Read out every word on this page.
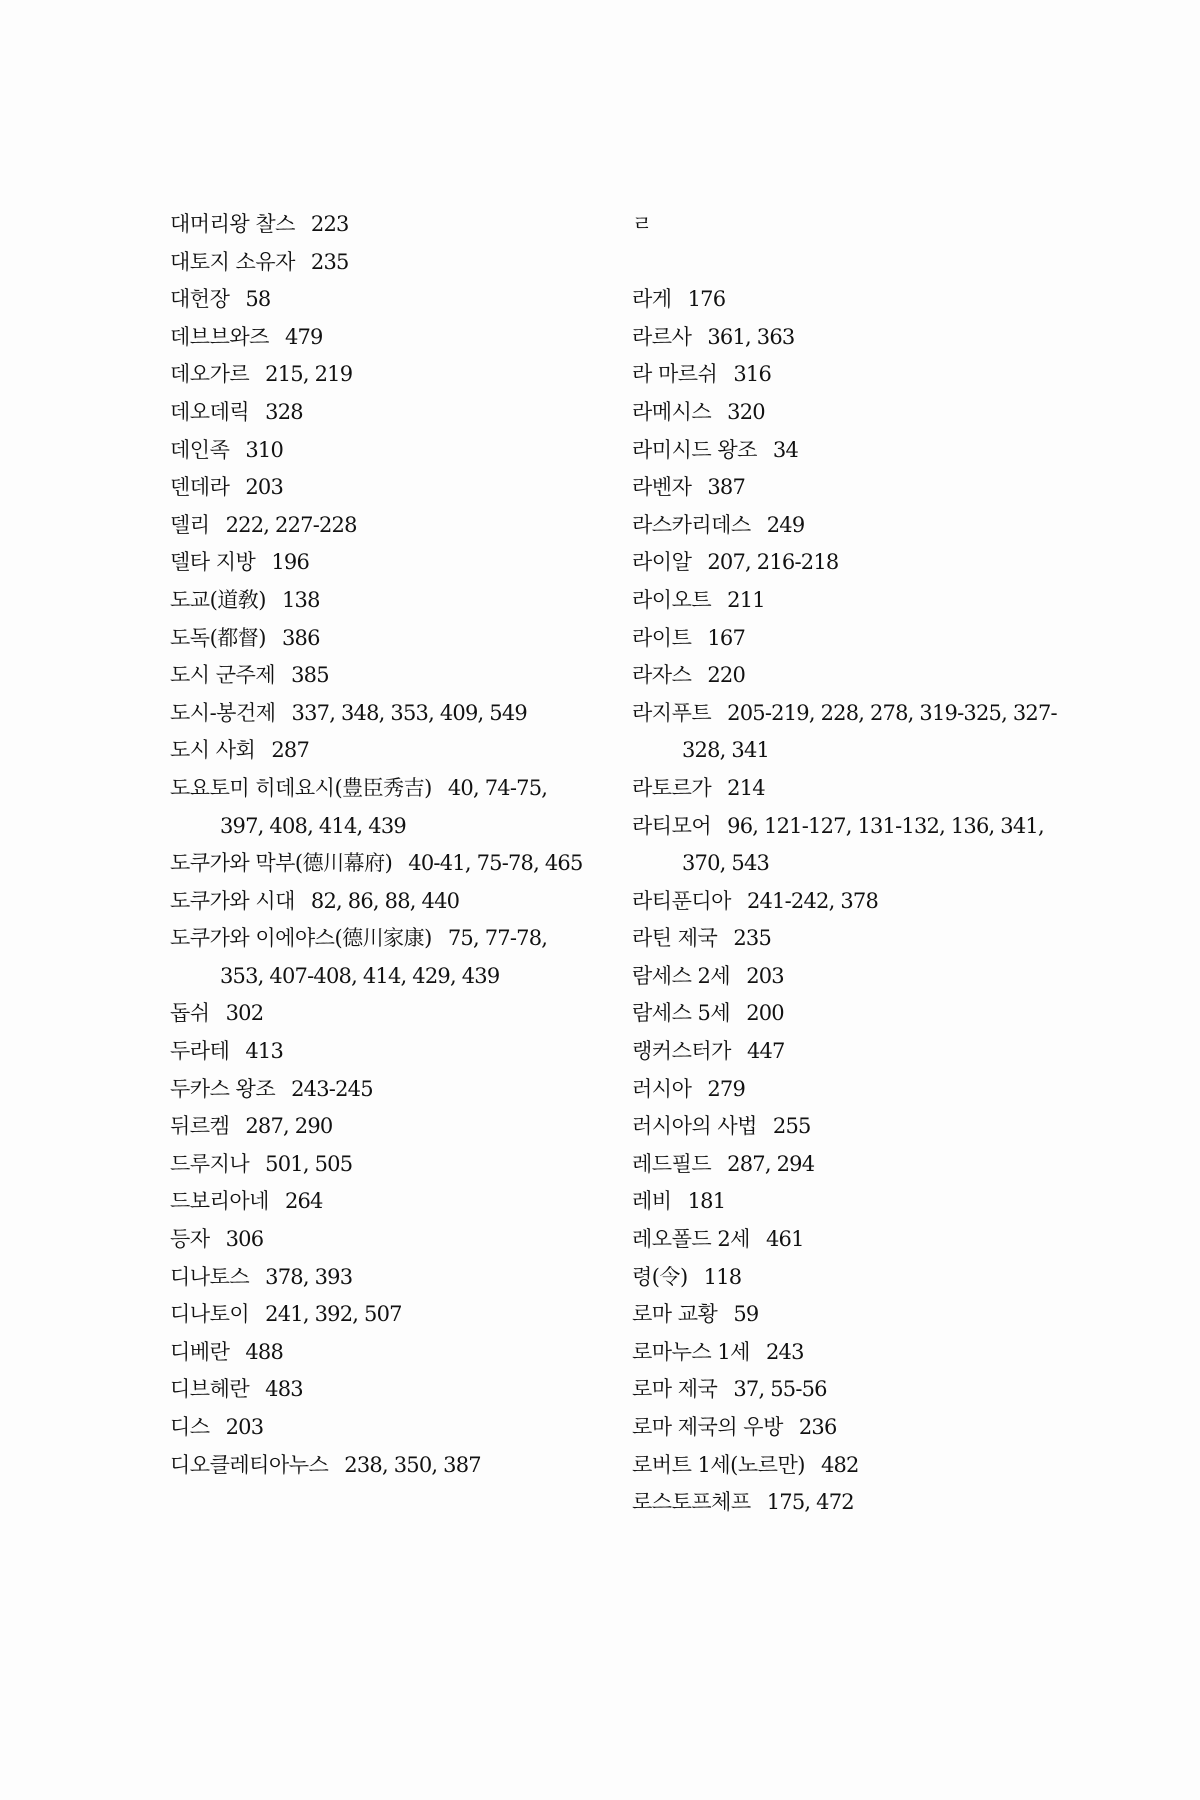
대머리왕 찰스 223
대토지 소유자 235
대헌장 58
데브브와즈 479
데오가르 215, 219
데오데릭 328
데인족 310
덴데라 203
델리 222, 227-228
델타 지방 196
도교(道敎) 138
도독(都督) 386
도시 군주제 385
도시-봉건제 337, 348, 353, 409, 549
도시 사회 287
도요토미 히데요시(豊臣秀吉) 40, 74-75,
397, 408, 414, 439
도쿠가와 막부(德川幕府) 40-41, 75-78, 465
도쿠가와 시대 82, 86, 88, 440
도쿠가와 이에야스(德川家康) 75, 77-78,
353, 407-408, 414, 429, 439
돕쉬 302
두라테 413
두카스 왕조 243-245
뒤르켐 287, 290
드루지나 501, 505
드보리아네 264
등자 306
디나토스 378, 393
디나토이 241, 392, 507
디베란 488
디브헤란 483
디스 203
디오클레티아누스 238, 350, 387
ㄹ
라게 176
라르사 361, 363
라 마르쉬 316
라메시스 320
라미시드 왕조 34
라벤자 387
라스카리데스 249
라이알 207, 216-218
라이오트 211
라이트 167
라자스 220
라지푸트 205-219, 228, 278, 319-325, 327-
328, 341
라토르가 214
라티모어 96, 121-127, 131-132, 136, 341,
370, 543
라티푼디아 241-242, 378
라틴 제국 235
람세스 2세 203
람세스 5세 200
랭커스터가 447
러시아 279
러시아의 사법 255
레드필드 287, 294
레비 181
레오폴드 2세 461
령(令) 118
로마 교황 59
로마누스 1세 243
로마 제국 37, 55-56
로마 제국의 우방 236
로버트 1세(노르만) 482
로스토프체프 175, 472
